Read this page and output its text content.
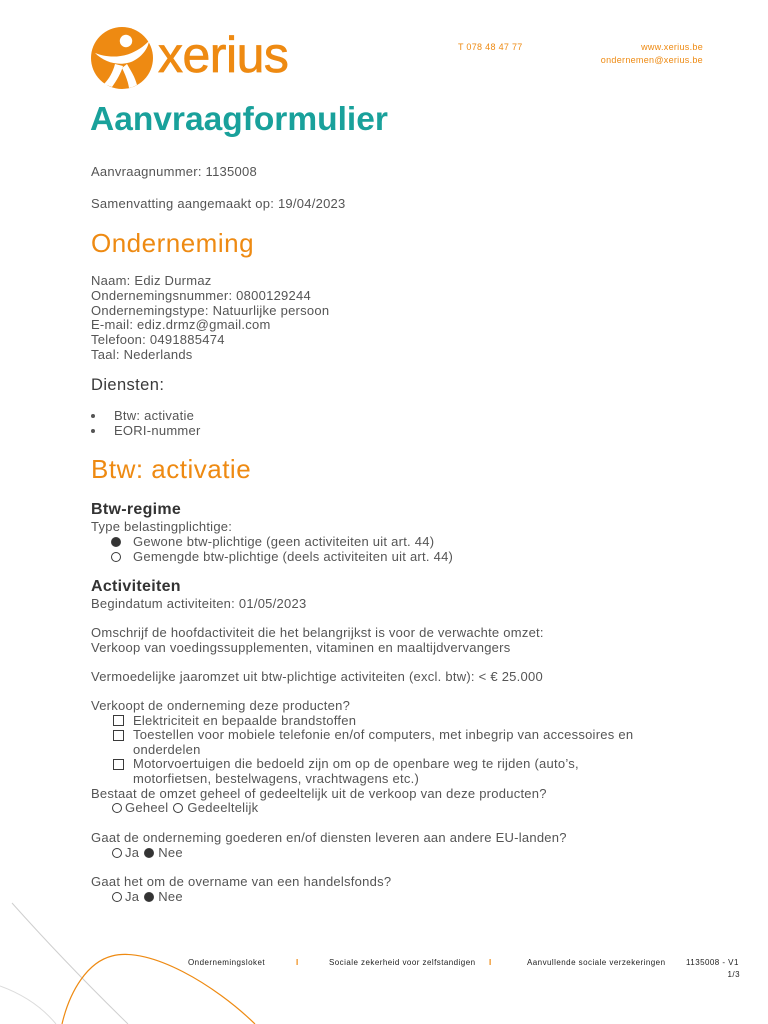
xerius	T 078 48 47 77	www.xerius.be
ondernemen@xerius.be
Aanvraagformulier
Aanvraagnummer: 1135008
Samenvatting aangemaakt op: 19/04/2023
Onderneming
Naam: Ediz Durmaz
Ondernemingsnummer: 0800129244
Ondernemingstype: Natuurlijke persoon
E-mail: ediz.drmz@gmail.com
Telefoon: 0491885474
Taal: Nederlands
Diensten:
Btw: activatie
EORI-nummer
Btw: activatie
Btw-regime
Type belastingplichtige:
Gewone btw-plichtige (geen activiteiten uit art. 44)
Gemengde btw-plichtige (deels activiteiten uit art. 44)
Activiteiten
Begindatum activiteiten: 01/05/2023
Omschrijf de hoofdactiviteit die het belangrijkst is voor de verwachte omzet:
Verkoop van voedingssupplementen, vitaminen en maaltijdvervangers
Vermoedelijke jaaromzet uit btw-plichtige activiteiten (excl. btw): < € 25.000
Verkoopt de onderneming deze producten?
Elektriciteit en bepaalde brandstoffen
Toestellen voor mobiele telefonie en/of computers, met inbegrip van accessoires en
onderdelen
Motorvoertuigen die bedoeld zijn om op de openbare weg te rijden (auto’s,
motorfietsen, bestelwagens, vrachtwagens etc.)
Bestaat de omzet geheel of gedeeltelijk uit de verkoop van deze producten?
Geheel Gedeeltelijk
Gaat de onderneming goederen en/of diensten leveren aan andere EU-landen?
Ja Nee
Gaat het om de overname van een handelsfonds?
Ja Nee
Ondernemingsloket	I	Sociale zekerheid voor zelfstandigen I	Aanvullende sociale verzekeringen	1135008 - V1
1/3
